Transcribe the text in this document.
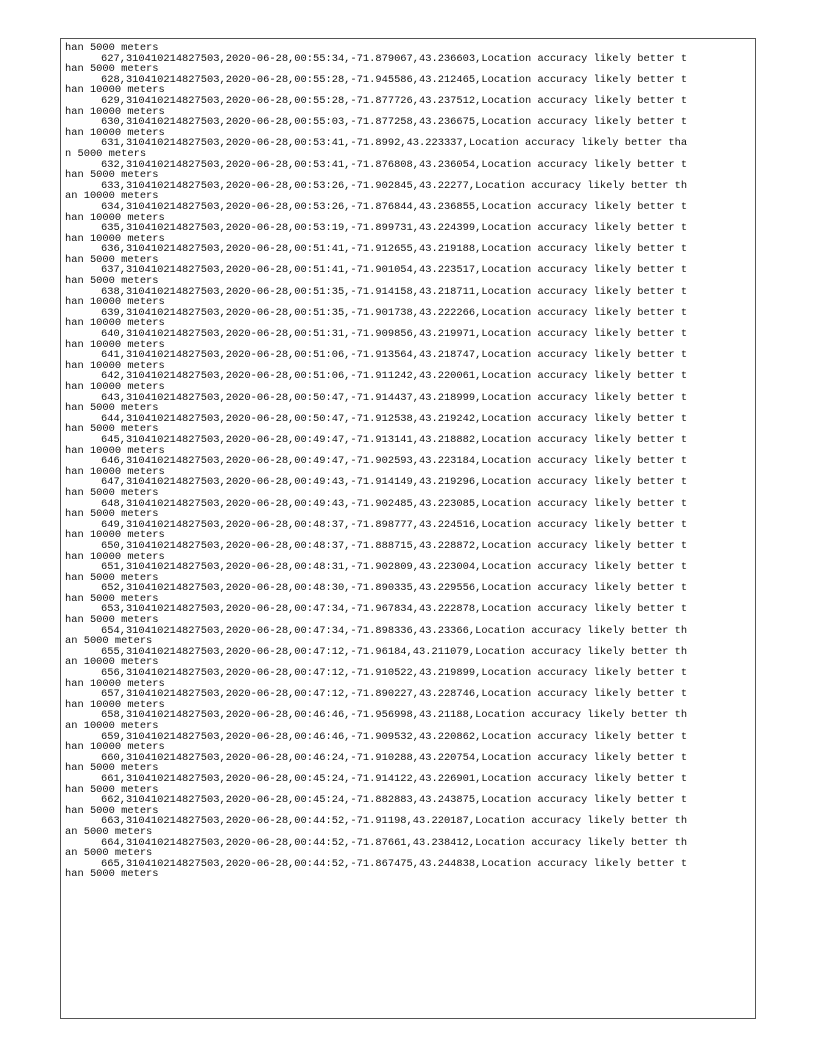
han 5000 meters
627,310410214827503,2020-06-28,00:55:34,-71.879067,43.236603,Location accuracy likely better t
han 5000 meters
628,310410214827503,2020-06-28,00:55:28,-71.945586,43.212465,Location accuracy likely better t
han 10000 meters
629,310410214827503,2020-06-28,00:55:28,-71.877726,43.237512,Location accuracy likely better t
han 10000 meters
630,310410214827503,2020-06-28,00:55:03,-71.877258,43.236675,Location accuracy likely better t
han 10000 meters
631,310410214827503,2020-06-28,00:53:41,-71.8992,43.223337,Location accuracy likely better tha
n 5000 meters
632,310410214827503,2020-06-28,00:53:41,-71.876808,43.236054,Location accuracy likely better t
han 5000 meters
633,310410214827503,2020-06-28,00:53:26,-71.902845,43.22277,Location accuracy likely better th
an 10000 meters
634,310410214827503,2020-06-28,00:53:26,-71.876844,43.236855,Location accuracy likely better t
han 10000 meters
635,310410214827503,2020-06-28,00:53:19,-71.899731,43.224399,Location accuracy likely better t
han 10000 meters
636,310410214827503,2020-06-28,00:51:41,-71.912655,43.219188,Location accuracy likely better t
han 5000 meters
637,310410214827503,2020-06-28,00:51:41,-71.901054,43.223517,Location accuracy likely better t
han 5000 meters
638,310410214827503,2020-06-28,00:51:35,-71.914158,43.218711,Location accuracy likely better t
han 10000 meters
639,310410214827503,2020-06-28,00:51:35,-71.901738,43.222266,Location accuracy likely better t
han 10000 meters
640,310410214827503,2020-06-28,00:51:31,-71.909856,43.219971,Location accuracy likely better t
han 10000 meters
641,310410214827503,2020-06-28,00:51:06,-71.913564,43.218747,Location accuracy likely better t
han 10000 meters
642,310410214827503,2020-06-28,00:51:06,-71.911242,43.220061,Location accuracy likely better t
han 10000 meters
643,310410214827503,2020-06-28,00:50:47,-71.914437,43.218999,Location accuracy likely better t
han 5000 meters
644,310410214827503,2020-06-28,00:50:47,-71.912538,43.219242,Location accuracy likely better t
han 5000 meters
645,310410214827503,2020-06-28,00:49:47,-71.913141,43.218882,Location accuracy likely better t
han 10000 meters
646,310410214827503,2020-06-28,00:49:47,-71.902593,43.223184,Location accuracy likely better t
han 10000 meters
647,310410214827503,2020-06-28,00:49:43,-71.914149,43.219296,Location accuracy likely better t
han 5000 meters
648,310410214827503,2020-06-28,00:49:43,-71.902485,43.223085,Location accuracy likely better t
han 5000 meters
649,310410214827503,2020-06-28,00:48:37,-71.898777,43.224516,Location accuracy likely better t
han 10000 meters
650,310410214827503,2020-06-28,00:48:37,-71.888715,43.228872,Location accuracy likely better t
han 10000 meters
651,310410214827503,2020-06-28,00:48:31,-71.902809,43.223004,Location accuracy likely better t
han 5000 meters
652,310410214827503,2020-06-28,00:48:30,-71.890335,43.229556,Location accuracy likely better t
han 5000 meters
653,310410214827503,2020-06-28,00:47:34,-71.967834,43.222878,Location accuracy likely better t
han 5000 meters
654,310410214827503,2020-06-28,00:47:34,-71.898336,43.23366,Location accuracy likely better th
an 5000 meters
655,310410214827503,2020-06-28,00:47:12,-71.96184,43.211079,Location accuracy likely better th
an 10000 meters
656,310410214827503,2020-06-28,00:47:12,-71.910522,43.219899,Location accuracy likely better t
han 10000 meters
657,310410214827503,2020-06-28,00:47:12,-71.890227,43.228746,Location accuracy likely better t
han 10000 meters
658,310410214827503,2020-06-28,00:46:46,-71.956998,43.21188,Location accuracy likely better th
an 10000 meters
659,310410214827503,2020-06-28,00:46:46,-71.909532,43.220862,Location accuracy likely better t
han 10000 meters
660,310410214827503,2020-06-28,00:46:24,-71.910288,43.220754,Location accuracy likely better t
han 5000 meters
661,310410214827503,2020-06-28,00:45:24,-71.914122,43.226901,Location accuracy likely better t
han 5000 meters
662,310410214827503,2020-06-28,00:45:24,-71.882883,43.243875,Location accuracy likely better t
han 5000 meters
663,310410214827503,2020-06-28,00:44:52,-71.91198,43.220187,Location accuracy likely better th
an 5000 meters
664,310410214827503,2020-06-28,00:44:52,-71.87661,43.238412,Location accuracy likely better th
an 5000 meters
665,310410214827503,2020-06-28,00:44:52,-71.867475,43.244838,Location accuracy likely better t
han 5000 meters
